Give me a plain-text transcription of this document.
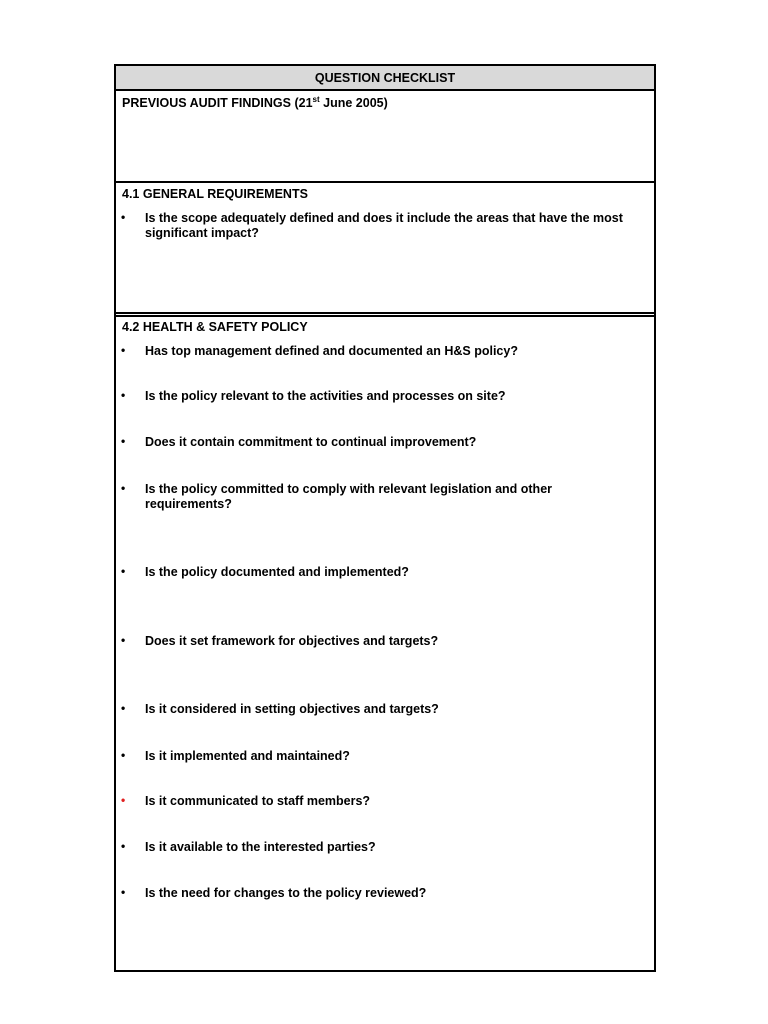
QUESTION CHECKLIST
PREVIOUS AUDIT FINDINGS (21st June 2005)
4.1 GENERAL REQUIREMENTS
• Is the scope adequately defined and does it include the areas that have the most significant impact?
4.2 HEALTH & SAFETY POLICY
• Has top management defined and documented an H&S policy?
• Is the policy relevant to the activities and processes on site?
• Does it contain commitment to continual improvement?
• Is the policy committed to comply with relevant legislation and other requirements?
• Is the policy documented and implemented?
• Does it set framework for objectives and targets?
• Is it considered in setting objectives and targets?
• Is it implemented and maintained?
• Is it communicated to staff members?
• Is it available to the interested parties?
• Is the need for changes to the policy reviewed?
